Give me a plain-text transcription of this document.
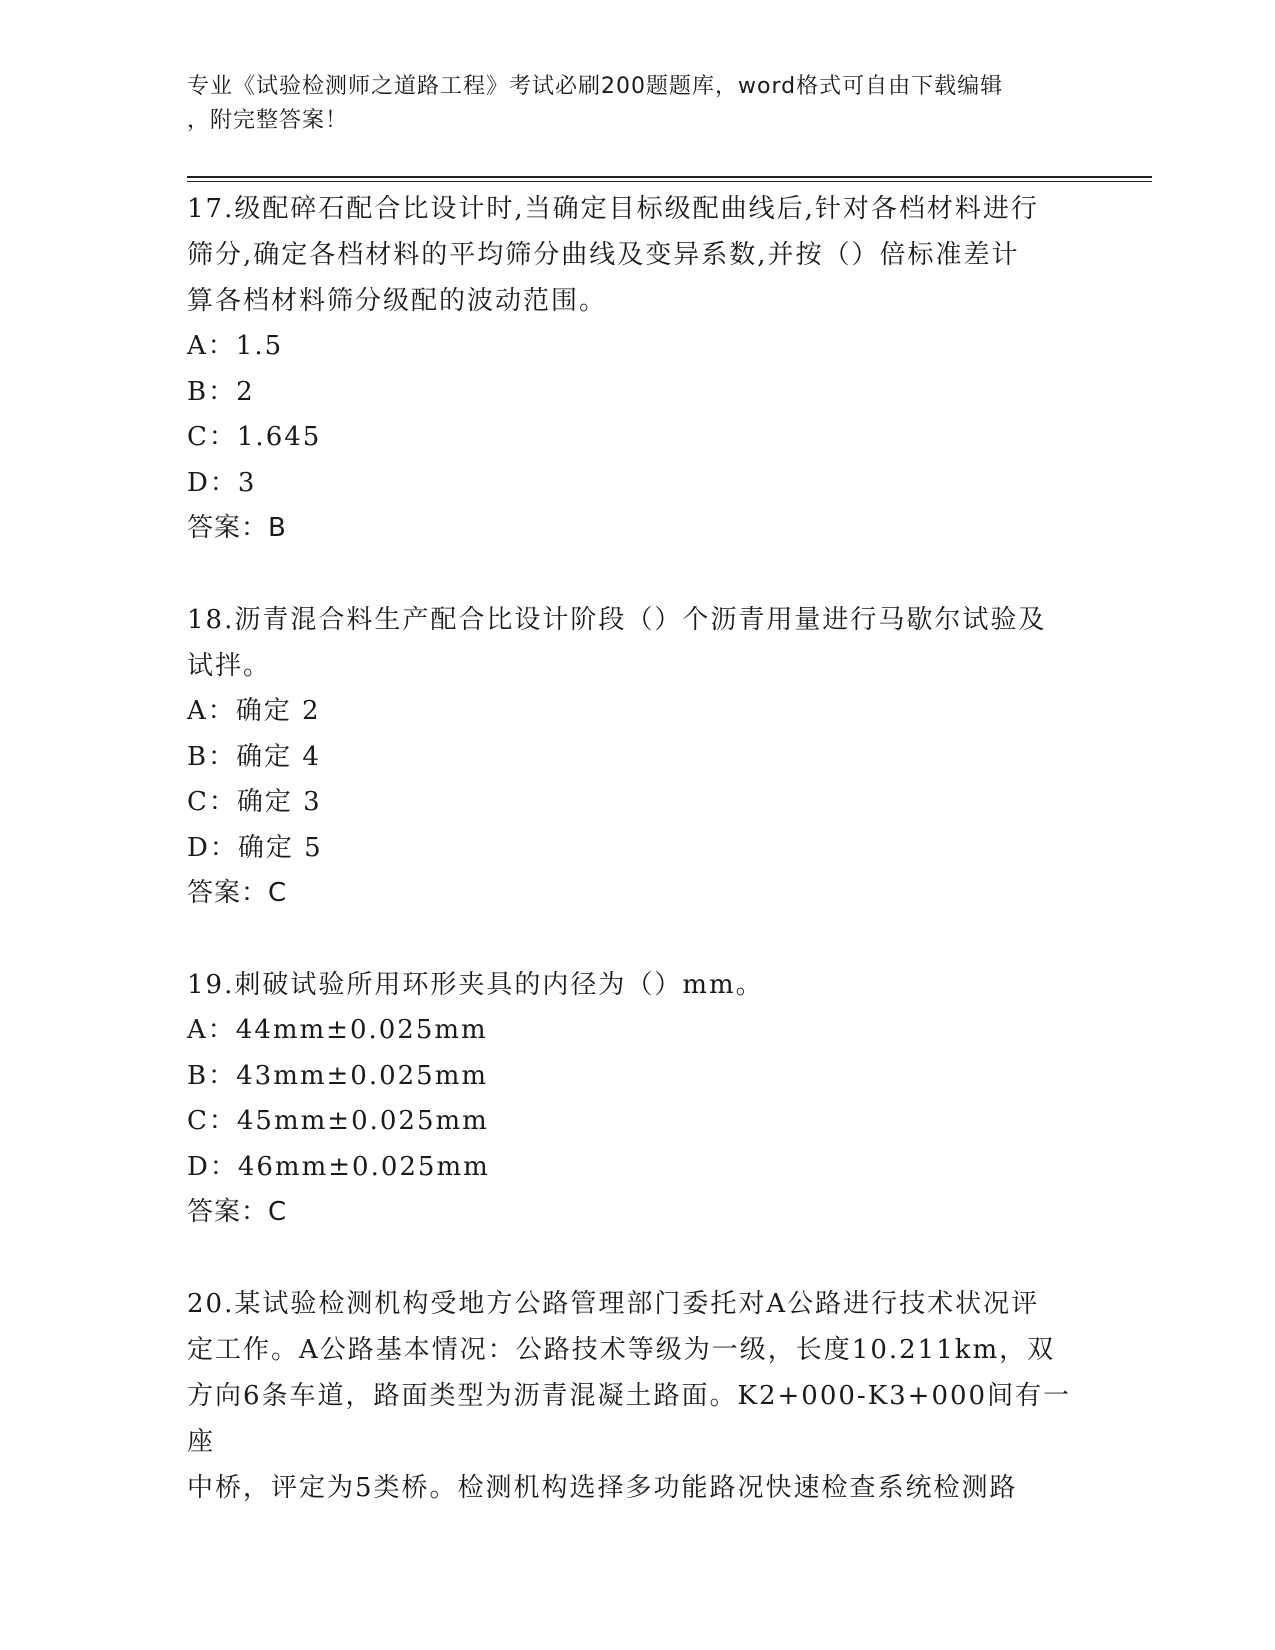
专业《试验检测师之道路工程》考试必刷200题题库，word格式可自由下载编辑
，附完整答案！

17.级配碎石配合比设计时,当确定目标级配曲线后,针对各档材料进行

筛分,确定各档材料的平均筛分曲线及变异系数,并按（）倍标准差计

算各档材料筛分级配的波动范围。

A：1.5

B：2

C：1.645

D：3

答案：B

18.沥青混合料生产配合比设计阶段（）个沥青用量进行马歇尔试验及

试拌。

A：确定 2

B：确定 4

C：确定 3

D：确定 5

答案：C

19.刺破试验所用环形夹具的内径为（）mm。

A：44mm±0.025mm

B：43mm±0.025mm

C：45mm±0.025mm

D：46mm±0.025mm

答案：C

20.某试验检测机构受地方公路管理部门委托对A公路进行技术状况评

定工作。A公路基本情况：公路技术等级为一级，长度10.211km，双

方向6条车道，路面类型为沥青混凝土路面。K2+000-K3+000间有一座

中桥，评定为5类桥。检测机构选择多功能路况快速检查系统检测路
